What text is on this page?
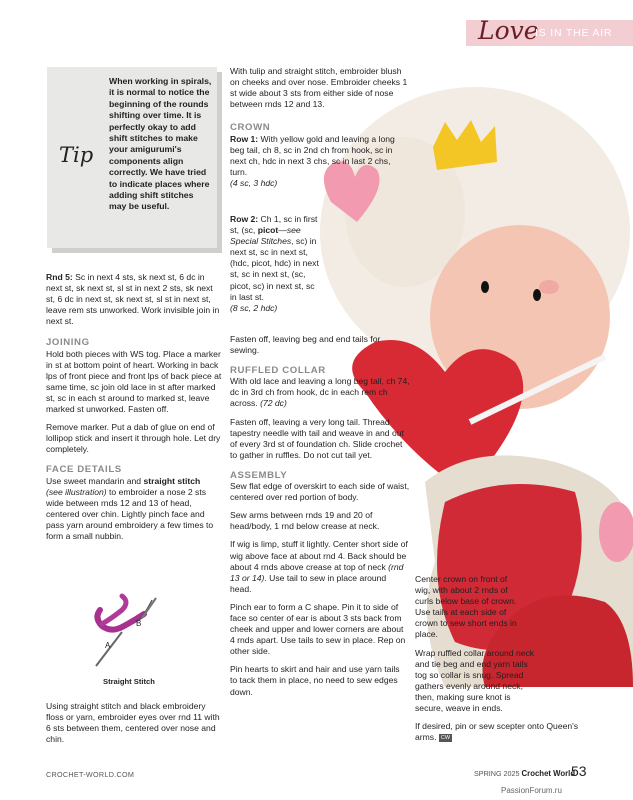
Love
IS IN THE AIR
Tip

When working in spirals, it is normal to notice the beginning of the rounds shifting over time. It is perfectly okay to add shift stitches to make your amigurumi's components align correctly. We have tried to indicate places where adding shift stitches may be useful.

Rnd 5: Sc in next 4 sts, sk next st, 6 dc in next st, sk next st, sl st in next 2 sts, sk next st, 6 dc in next st, sk next st, sl st in next st, leave rem sts unworked. Work invisible join in next st.

JOINING

Hold both pieces with WS tog. Place a marker in st at bottom point of heart. Working in back lps of front piece and front lps of back piece at same time, sc join old lace in st after marked st, sc in each st around to marked st, leave marked st unworked. Fasten off.

Remove marker. Put a dab of glue on end of lollipop stick and insert it through hole. Let dry completely.

FACE DETAILS

Use sweet mandarin and straight stitch
(see illustration) to embroider a nose 2 sts wide between rnds 12 and 13 of head, centered over chin. Lightly pinch face and pass yarn around embroidery a few times to form a small nubbin.

A
B
Straight Stitch

Using straight stitch and black embroidery floss or yarn, embroider eyes over rnd 11 with 6 sts between them, centered over nose and chin.

With tulip and straight stitch, embroider blush on cheeks and over nose. Embroider cheeks 1 st wide about 3 sts from either side of nose between rnds 12 and 13.

CROWN

Row 1: With yellow gold and leaving a long beg tail, ch 8, sc in 2nd ch from hook, sc in next ch, hdc in next 3 chs, sc in last 2 chs, turn.
(4 sc, 3 hdc)

Row 2: Ch 1, sc in first st, (sc, picot—see Special Stitches, sc) in next st, sc in next st, (hdc, picot, hdc) in next st, sc in next st, (sc, picot, sc) in next st, sc in last st.
(8 sc, 2 hdc)

Fasten off, leaving beg and end tails for sewing.

RUFFLED COLLAR

With old lace and leaving a long beg tail, ch 74, dc in 3rd ch from hook, dc in each rem ch across. (72 dc)

Fasten off, leaving a very long tail. Thread tapestry needle with tail and weave in and out of every 3rd st of foundation ch. Slide crochet to gather in ruffles. Do not cut tail yet.

ASSEMBLY

Sew flat edge of overskirt to each side of waist, centered over red portion of body.

Sew arms between rnds 19 and 20 of head/body, 1 rnd below crease at neck.

If wig is limp, stuff it lightly. Center short side of wig above face at about rnd 4. Back should be about 4 rnds above crease at top of neck (rnd 13 or 14). Use tail to sew in place around head.

Pinch ear to form a C shape. Pin it to side of face so center of ear is about 3 sts back from cheek and upper and lower corners are about 4 rnds apart. Use tails to sew in place. Rep on other side.

Pin hearts to skirt and hair and use yarn tails to tack them in place, no need to sew edges down.

Center crown on front of wig, with about 2 rnds of curls below base of crown. Use tails at each side of crown to sew short ends in place.

Wrap ruffled collar around neck and tie beg and end yarn tails tog so collar is snug. Spread gathers evenly around neck, then, making sure knot is secure, weave in ends.

If desired, pin or sew scepter onto Queen's arms. CW

CROCHET-WORLD.COM	SPRING 2025 Crochet World
53
PassionForum.ru
